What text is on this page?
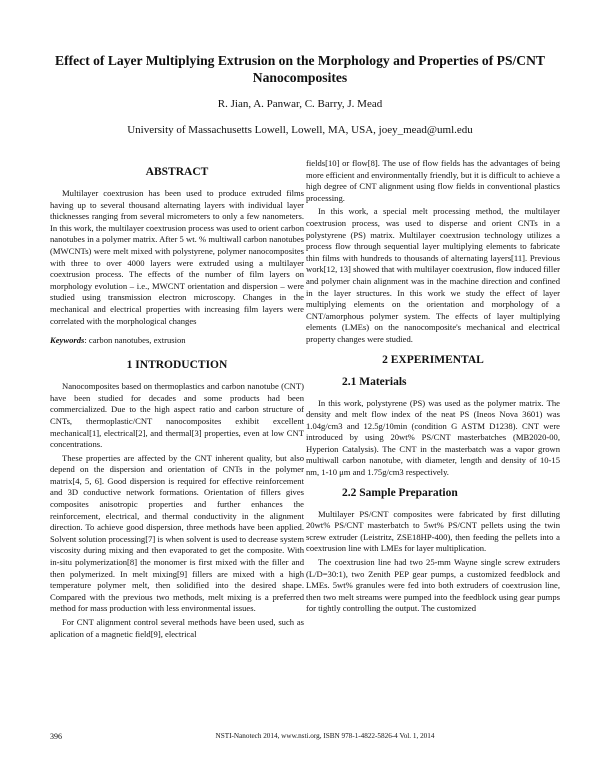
Effect of Layer Multiplying Extrusion on the Morphology and Properties of PS/CNT Nanocomposites
R. Jian, A. Panwar, C. Barry, J. Mead
University of Massachusetts Lowell, Lowell, MA, USA, joey_mead@uml.edu
ABSTRACT

Multilayer coextrusion has been used to produce extruded films having up to several thousand alternating layers with individual layer thicknesses ranging from several micrometers to only a few nanometers. In this work, the multilayer coextrusion process was used to orient carbon nanotubes in a polymer matrix. After 5 wt. % multiwall carbon nanotubes (MWCNTs) were melt mixed with polystyrene, polymer nanocomposites with three to over 4000 layers were extruded using a multilayer coextrusion process. The effects of the number of film layers on morphology evolution – i.e., MWCNT orientation and dispersion – were studied using transmission electron microscopy. Changes in the mechanical and electrical properties with increasing film layers were correlated with the morphological changes

Keywords: carbon nanotubes, extrusion
1 INTRODUCTION

Nanocomposites based on thermoplastics and carbon nanotube (CNT) have been studied for decades and some products had been commercialized. Due to the high aspect ratio and carbon structure of CNTs, thermoplastic/CNT nanocomposites exhibit excellent mechanical[1], electrical[2], and thermal[3] properties, even at low CNT concentrations.

These properties are affected by the CNT inherent quality, but also depend on the dispersion and orientation of CNTs in the polymer matrix[4, 5, 6]. Good dispersion is required for effective reinforcement and 3D conductive network formations. Orientation of fillers gives composites anisotropic properties and further enhances the reinforcement, electrical, and thermal conductivity in the alignment direction. To achieve good dispersion, three methods have been applied. Solvent solution processing[7] is when solvent is used to decrease system viscosity during mixing and then evaporated to get the composite. With in-situ polymerization[8] the monomer is first mixed with the filler and then polymerized. In melt mixing[9] fillers are mixed with a high temperature polymer melt, then solidified into the desired shape. Compared with the previous two methods, melt mixing is a preferred method for mass production with less environmental issues.

For CNT alignment control several methods have been used, such as aplication of a magnetic field[9], electrical

fields[10] or flow[8]. The use of flow fields has the advantages of being more efficient and environmentally friendly, but it is difficult to achieve a high degree of CNT alignment using flow fields in conventional plastics processing.

In this work, a special melt processing method, the multilayer coextrusion process, was used to disperse and orient CNTs in a polystyrene (PS) matrix. Multilayer coextrusion technology utilizes a process flow through sequential layer multiplying elements to fabricate thin films with hundreds to thousands of alternating layers[11]. Previous work[12, 13] showed that with multilayer coextrusion, flow induced filler and polymer chain alignment was in the machine direction and confined in the layer structures. In this work we study the effect of layer multiplying elements on the orientation and morphology of a CNT/amorphous polymer system. The effects of layer multiplying elements (LMEs) on the nanocomposite's mechanical and electrical property changes were studied.

2 EXPERIMENTAL
2.1 Materials

In this work, polystyrene (PS) was used as the polymer matrix. The density and melt flow index of the neat PS (Ineos Nova 3601) was 1.04g/cm3 and 12.5g/10min (condition G ASTM D1238). CNT were introduced by using 20wt% PS/CNT masterbatches (MB2020-00, Hyperion Catalysis). The CNT in the masterbatch was a vapor grown multiwall carbon nanotube, with diameter, length and density of 10-15 nm, 1-10 μm and 1.75g/cm3 respectively.

2.2 Sample Preparation

Multilayer PS/CNT composites were fabricated by first dilluting 20wt% PS/CNT masterbatch to 5wt% PS/CNT pellets using the twin screw extruder (Leistritz, ZSE18HP-400), then feeding the pellets into a coextrusion line with LMEs for layer multiplication.

The coextrusion line had two 25-mm Wayne single screw extruders (L/D=30:1), two Zenith PEP gear pumps, a customized feedblock and LMEs. 5wt% granules were fed into both extruders of coextrusion line, then two melt streams were pumped into the feedblock using gear pumps for tightly controlling the output. The customized

396	NSTI-Nanotech 2014, www.nsti.org, ISBN 978-1-4822-5826-4 Vol. 1, 2014
